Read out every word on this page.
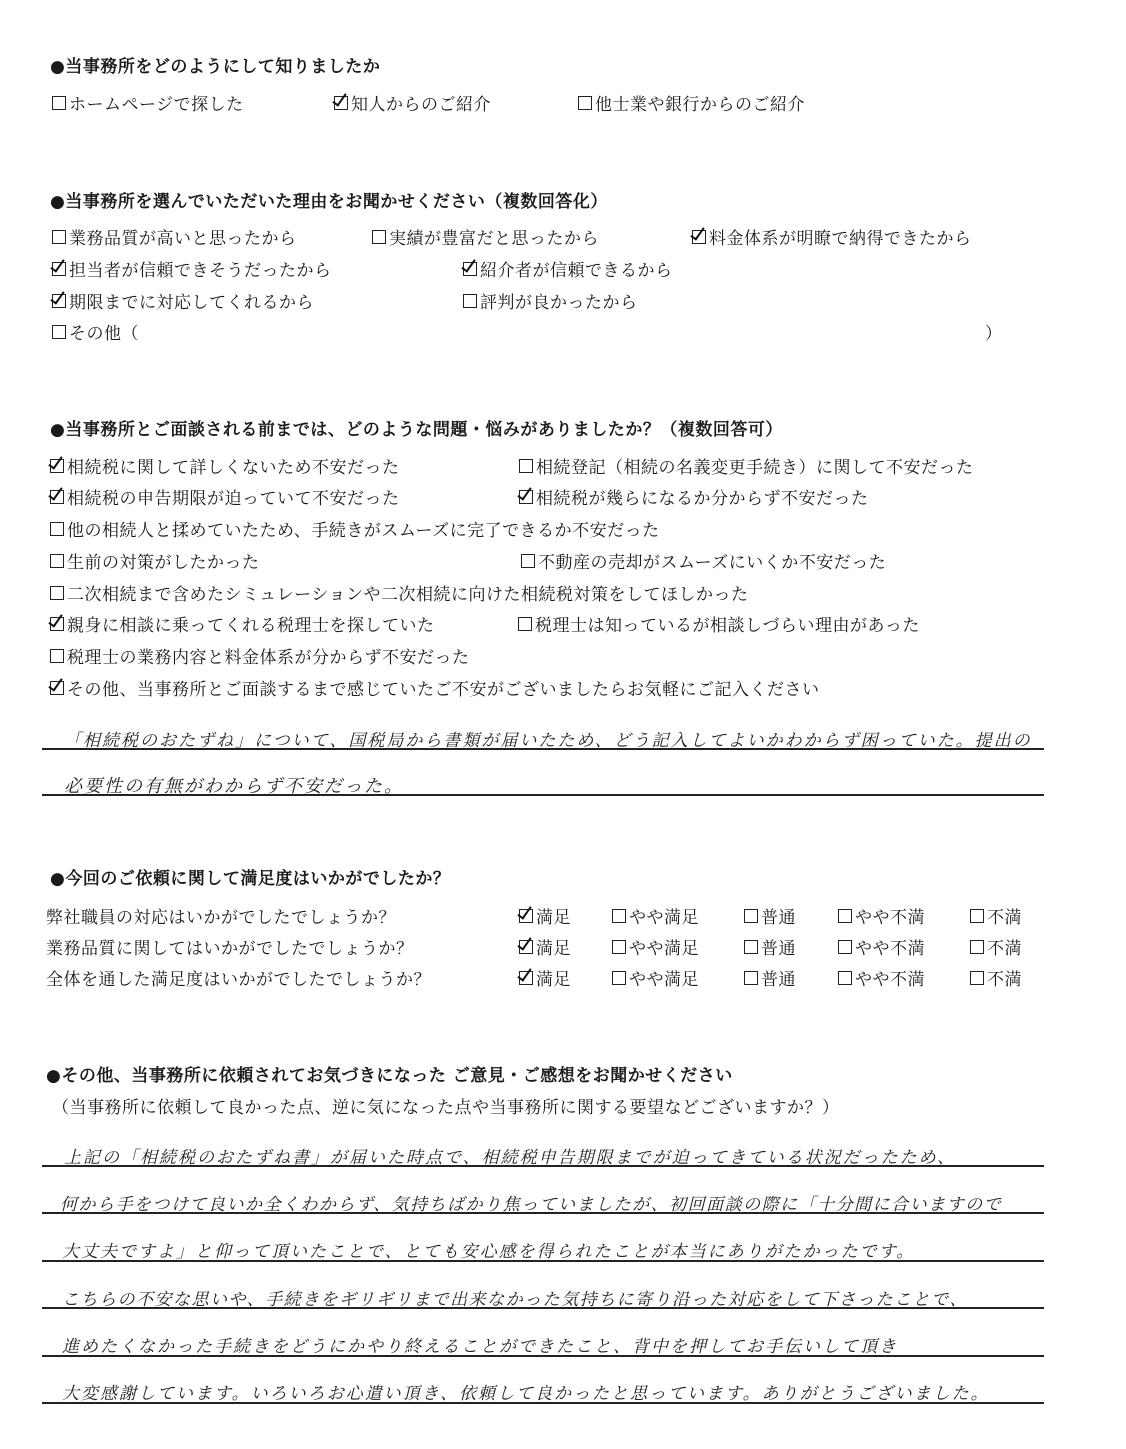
●当事務所をどのようにして知りましたか
ホームページで探した	知人からのご紹介	他士業や銀行からのご紹介
●当事務所を選んでいただいた理由をお聞かせください（複数回答化）
業務品質が高いと思ったから	実績が豊富だと思ったから	料金体系が明瞭で納得できたから
担当者が信頼できそうだったから	紹介者が信頼できるから
期限までに対応してくれるから	評判が良かったから
その他（	）
●当事務所とご面談される前までは、どのような問題・悩みがありましたか？（複数回答可）
相続税に関して詳しくないため不安だった	相続登記（相続の名義変更手続き）に関して不安だった
相続税の申告期限が迫っていて不安だった	相続税が幾らになるか分からず不安だった
他の相続人と揉めていたため、手続きがスムーズに完了できるか不安だった
生前の対策がしたかった	不動産の売却がスムーズにいくか不安だった
二次相続まで含めたシミュレーションや二次相続に向けた相続税対策をしてほしかった
親身に相談に乗ってくれる税理士を探していた	税理士は知っているが相談しづらい理由があった
税理士の業務内容と料金体系が分からず不安だった
その他、当事務所とご面談するまで感じていたご不安がございましたらお気軽にご記入ください
「相続税のおたずね」について、国税局から書類が届いたため、どう記入してよいかわからず困っていた。提出の
必要性の有無がわからず不安だった。
●今回のご依頼に関して満足度はいかがでしたか？
弊社職員の対応はいかがでしたでしょうか？	満足	やや満足	普通	やや不満	不満
業務品質に関してはいかがでしたでしょうか？	満足	やや満足	普通	やや不満	不満
全体を通した満足度はいかがでしたでしょうか？	満足	やや満足	普通	やや不満	不満
●その他、当事務所に依頼されてお気づきになった ご意見・ご感想をお聞かせください
（当事務所に依頼して良かった点、逆に気になった点や当事務所に関する要望などございますか？）
上記の「相続税のおたずね書」が届いた時点で、相続税申告期限までが迫ってきている状況だったため、
何から手をつけて良いか全くわからず、気持ちばかり焦っていましたが、初回面談の際に「十分間に合いますので
大丈夫ですよ」と仰って頂いたことで、とても安心感を得られたことが本当にありがたかったです。
こちらの不安な思いや、手続きをギリギリまで出来なかった気持ちに寄り沿った対応をして下さったことで、
進めたくなかった手続きをどうにかやり終えることができたこと、背中を押してお手伝いして頂き
大変感謝しています。いろいろお心遣い頂き、依頼して良かったと思っています。ありがとうございました。
